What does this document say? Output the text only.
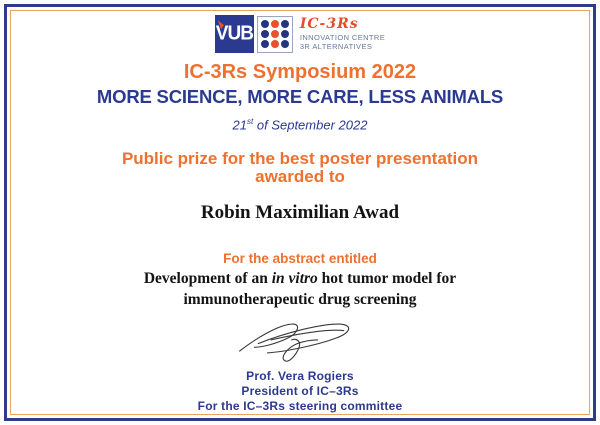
VUB	IC-3Rs
INNOVATION CENTRE
3R ALTERNATIVES
IC-3Rs Symposium 2022
MORE SCIENCE, MORE CARE, LESS ANIMALS
21st of September 2022
Public prize for the best poster presentation
awarded to
Robin Maximilian Awad
For the abstract entitled
Development of an in vitro hot tumor model for
immunotherapeutic drug screening
Prof. Vera Rogiers
President of IC–3Rs
For the IC–3Rs steering committee
